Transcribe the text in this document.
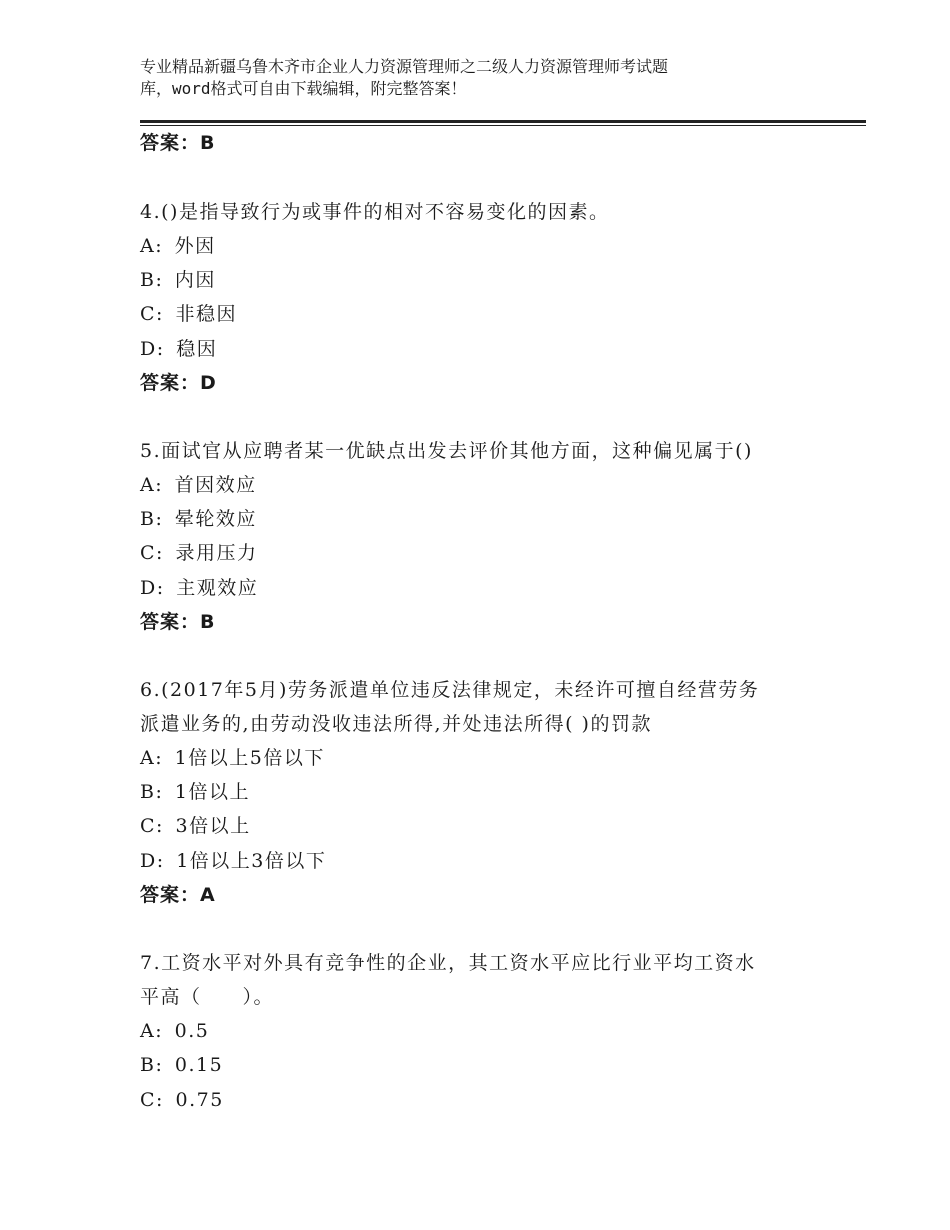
专业精品新疆乌鲁木齐市企业人力资源管理师之二级人力资源管理师考试题
库，word格式可自由下载编辑，附完整答案！
答案：B
4.()是指导致行为或事件的相对不容易变化的因素。
A: 外因
B: 内因
C: 非稳因
D: 稳因
答案：D
5.面试官从应聘者某一优缺点出发去评价其他方面，这种偏见属于()
A: 首因效应
B: 晕轮效应
C: 录用压力
D: 主观效应
答案：B
6.(2017年5月)劳务派遣单位违反法律规定，未经许可擅自经营劳务
派遣业务的,由劳动没收违法所得,并处违法所得( )的罚款
A: 1倍以上5倍以下
B: 1倍以上
C: 3倍以上
D: 1倍以上3倍以下
答案：A
7.工资水平对外具有竞争性的企业，其工资水平应比行业平均工资水
平高（　　）。
A: 0.5
B: 0.15
C: 0.75
